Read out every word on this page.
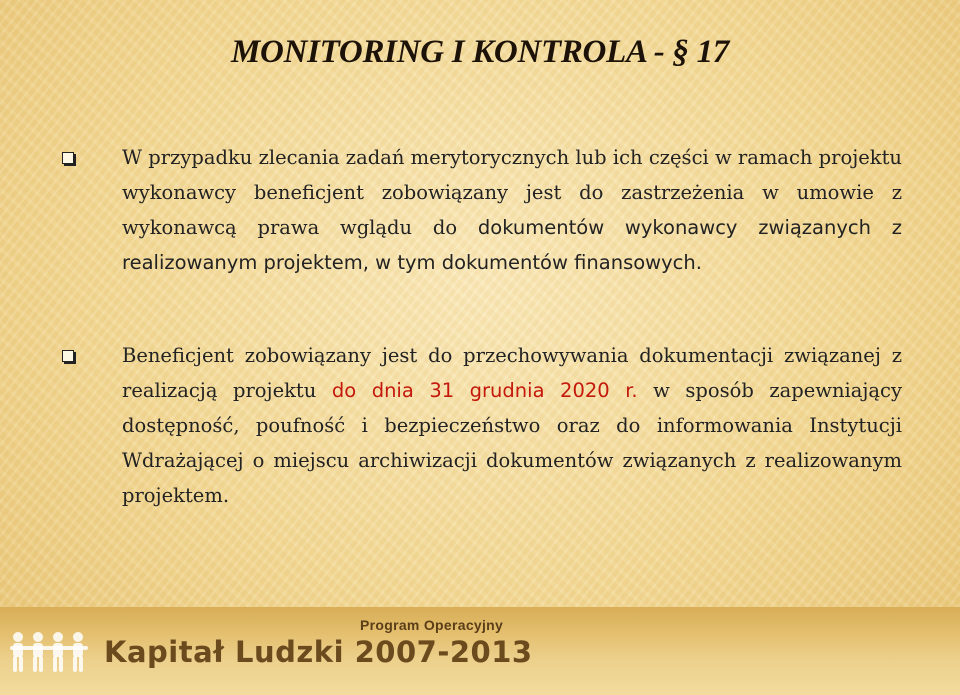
MONITORING I KONTROLA - § 17
W przypadku zlecania zadań merytorycznych lub ich części w ramach projektu wykonawcy beneficjent zobowiązany jest do zastrzeżenia w umowie z wykonawcą prawa wglądu do dokumentów wykonawcy związanych z realizowanym projektem, w tym dokumentów finansowych.
Beneficjent zobowiązany jest do przechowywania dokumentacji związanej z realizacją projektu do dnia 31 grudnia 2020 r. w sposób zapewniający dostępność, poufność i bezpieczeństwo oraz do informowania Instytucji Wdrażającej o miejscu archiwizacji dokumentów związanych z realizowanym projektem.
Program Operacyjny
Kapitał Ludzki 2007-2013
